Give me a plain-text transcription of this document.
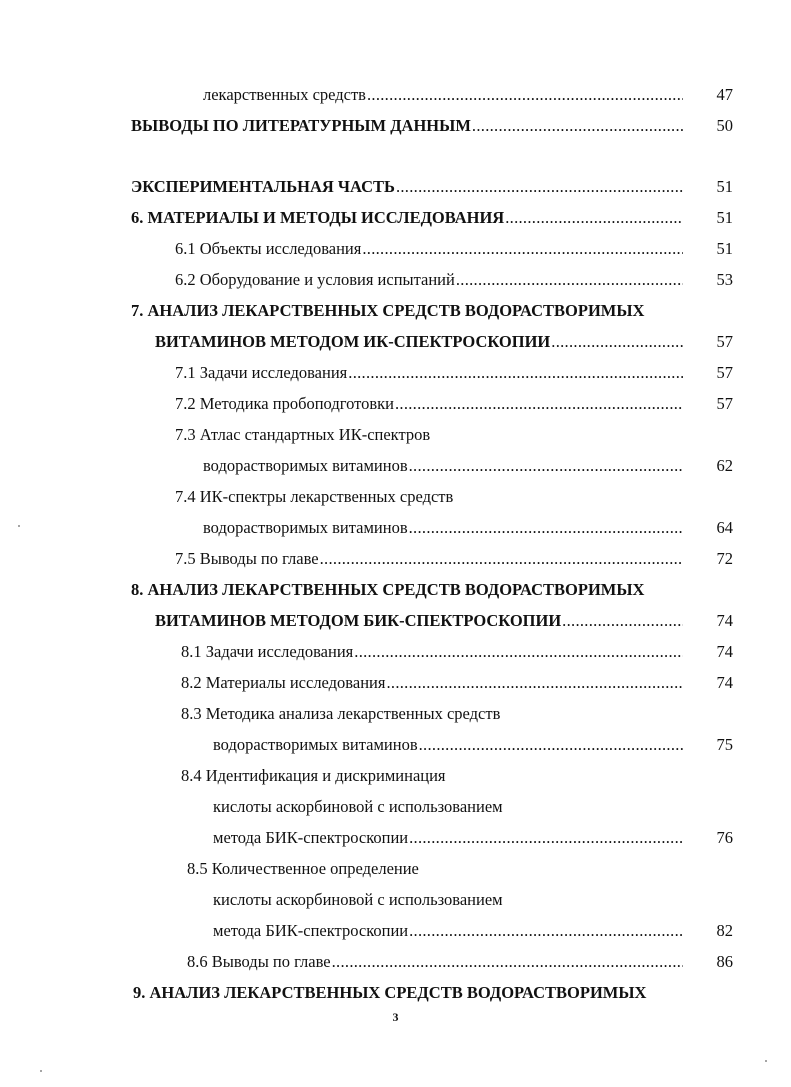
лекарственных средств .....	47
ВЫВОДЫ ПО ЛИТЕРАТУРНЫМ ДАННЫМ .....	50
ЭКСПЕРИМЕНТАЛЬНАЯ ЧАСТЬ .....	51
6. МАТЕРИАЛЫ И МЕТОДЫ ИССЛЕДОВАНИЯ .....	51
6.1 Объекты исследования .....	51
6.2 Оборудование и условия испытаний .....	53
7. АНАЛИЗ ЛЕКАРСТВЕННЫХ СРЕДСТВ ВОДОРАСТВОРИМЫХ
ВИТАМИНОВ МЕТОДОМ ИК-СПЕКТРОСКОПИИ .....	57
7.1 Задачи исследования .....	57
7.2 Методика пробоподготовки .....	57
7.3 Атлас стандартных ИК-спектров
водорастворимых витаминов .....	62
7.4 ИК-спектры лекарственных средств
водорастворимых витаминов .....	64
7.5 Выводы по главе .....	72
8. АНАЛИЗ ЛЕКАРСТВЕННЫХ СРЕДСТВ ВОДОРАСТВОРИМЫХ
ВИТАМИНОВ МЕТОДОМ БИК-СПЕКТРОСКОПИИ .....	74
8.1 Задачи исследования .....	74
8.2 Материалы исследования .....	74
8.3 Методика анализа лекарственных средств
водорастворимых витаминов .....	75
8.4 Идентификация и дискриминация
кислоты аскорбиновой с использованием
метода БИК-спектроскопии .....	76
8.5 Количественное определение
кислоты аскорбиновой с использованием
метода БИК-спектроскопии .....	82
8.6 Выводы по главе .....	86
9. АНАЛИЗ ЛЕКАРСТВЕННЫХ СРЕДСТВ ВОДОРАСТВОРИМЫХ
3
